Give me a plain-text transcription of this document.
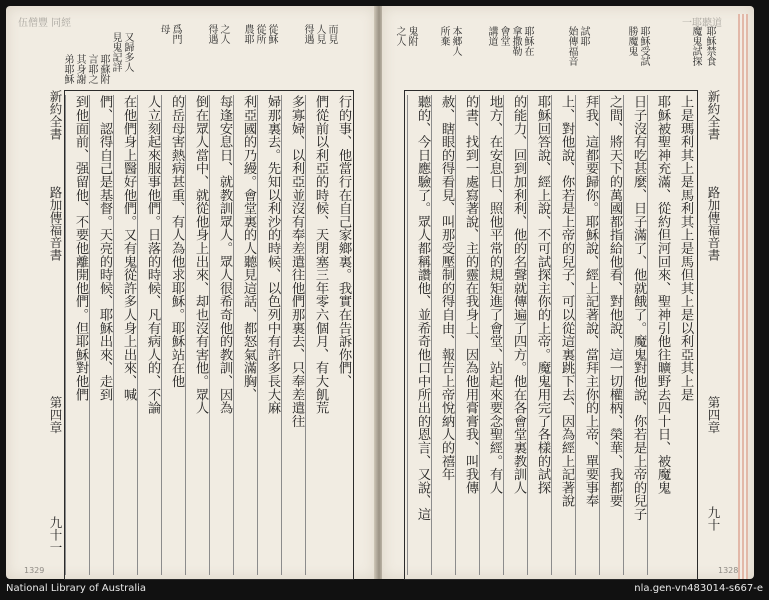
伍僧豐 同經
又歸多人
見鬼記詳
耶蘇附
言耶之
其身謝
弟耶穌
母 爲門	得遇 之人 農耶 從所 從穌	得遇 人見 而見
新約全書
路加傳福音書
第四章
九十一
到他面前、强留他、不要他離開他們。但耶穌對他們 們、認得自己是基督。天亮的時候、耶穌出來、走到 在他們身上醫好他們。又有鬼從許多人身上出來、喊 人立刻起來服事他們。日落的時候、凡有病人的、不論 的岳母害熱病甚重、有人為他求耶穌。耶穌站在他 倒在眾人當中、就從他身上出來、却也沒有害他。眾人 每逢安息日、就教訓眾人。眾人很希奇他的教訓、因為 利亞國的乃縵。會堂裏的人聽見這話、都怒氣滿胸、 婦那裏去。先知以利沙的時候、以色列中有許多長大麻 多寡婦、以利亞並沒有奉差遣往他們那裏去、只奉差遣往 們從前以利亞的時候、天閉塞三年零六個月、有大飢荒 行的事、他當行在自己家鄉裏。我實在告訴你們、
1329
一耶聽道
耶穌禁食
魔鬼試探
耶穌受試
勝魔鬼
試耶
始傳福音
耶穌在
拿撒勒
會堂
講道
本郷人
所棄
鬼附
之人
新約全書
路加傳福音書
第四章
九十
聽的、今日應驗了。眾人都稱讚他、並希奇他口中所出的恩言、又說、這 赦、瞎眼的得看見、叫那受壓制的得自由、報告上帝悅納人的禧年 的書、找到一處寫著說、主的靈在我身上、因為他用膏膏我、叫我傳 地方、在安息日、照他平常的規矩進了會堂、站起來要念聖經。有人 的能力、回到加利利、他的名聲就傳遍了四方。他在各會堂裏教訓人 耶穌回答說、經上說、不可試探主你的上帝。魔鬼用完了各樣的試探 上、對他說、你若是上帝的兒子、可以從這裏跳下去、因為經上記著說 拜我、這都要歸你。耶穌說、經上記著說、當拜主你的上帝、單要事奉 之間、將天下的萬國都指給他看、對他說、這一切權柄、榮華、我都要 日子沒有吃甚麼、日子滿了、他就餓了。魔鬼對他說、你若是上帝的兒子 耶穌被聖神充滿、從約但河回來、聖神引他往曠野去四十日、被魔鬼 上是瑪利其上是馬利其上是馬但其上是以利亞其上是
1328
National Library of Australia	nla.gen-vn483014-s667-e
